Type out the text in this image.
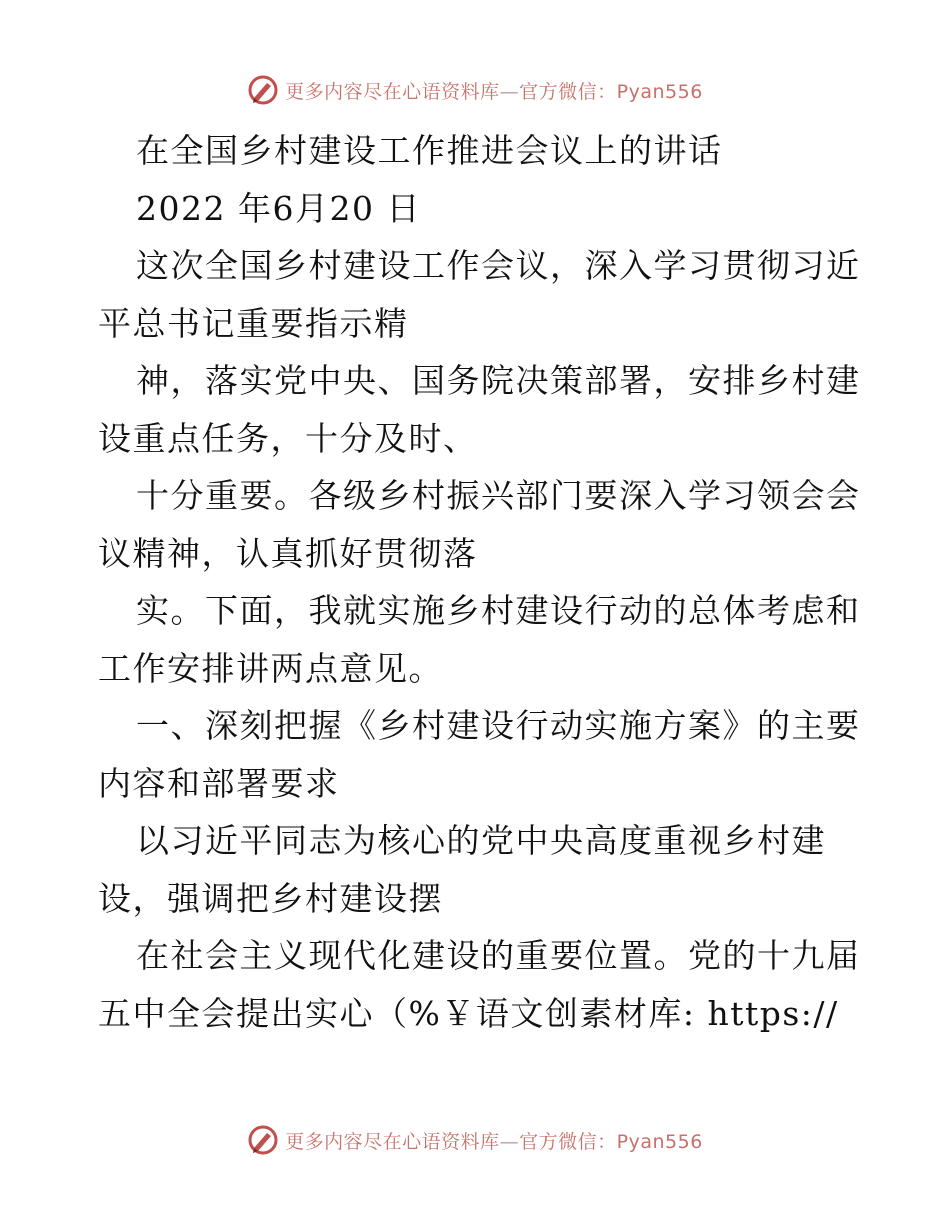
更多内容尽在心语资料库—官方微信：Pyan556
在全国乡村建设工作推进会议上的讲话
2022 年6月20 日
这次全国乡村建设工作会议，深入学习贯彻习近
平总书记重要指示精
神，落实党中央、国务院决策部署，安排乡村建
设重点任务，十分及时、
十分重要。各级乡村振兴部门要深入学习领会会
议精神，认真抓好贯彻落
实。下面，我就实施乡村建设行动的总体考虑和
工作安排讲两点意见。
一、深刻把握《乡村建设行动实施方案》的主要
内容和部署要求
以习近平同志为核心的党中央高度重视乡村建
设，强调把乡村建设摆
在社会主义现代化建设的重要位置。党的十九届
五中全会提出实心（%￥语文创素材库: https://
更多内容尽在心语资料库—官方微信：Pyan556
